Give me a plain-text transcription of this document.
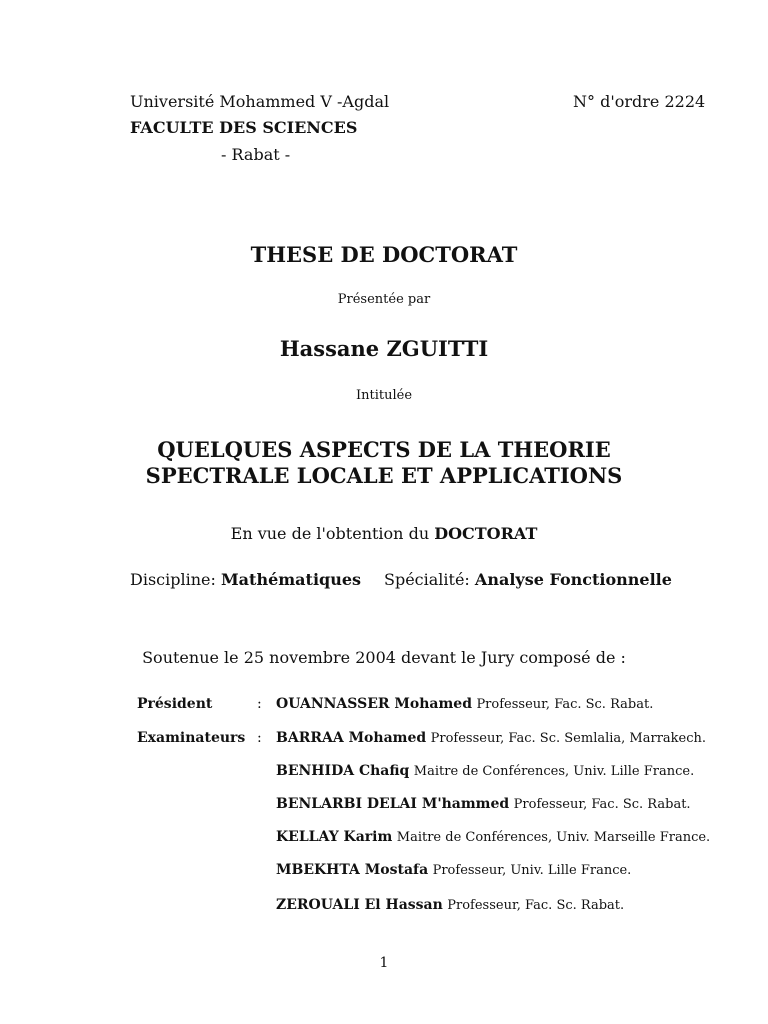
Université Mohammed V -Agdal
FACULTE DES SCIENCES
- Rabat -
N° d'ordre 2224
THESE DE DOCTORAT
Présentée par
Hassane ZGUITTI
Intitulée
QUELQUES ASPECTS DE LA THEORIE
SPECTRALE LOCALE ET APPLICATIONS
En vue de l'obtention du DOCTORAT
Discipline: Mathématiques Spécialité: Analyse Fonctionnelle
Soutenue le 25 novembre 2004 devant le Jury composé de :
Président	:
Examinateurs :
OUANNASSER Mohamed Professeur, Fac. Sc. Rabat.
BARRAA Mohamed Professeur, Fac. Sc. Semlalia, Marrakech.
BENHIDA Chafiq Maitre de Conférences, Univ. Lille France.
BENLARBI DELAI M'hammed Professeur, Fac. Sc. Rabat.
KELLAY Karim Maitre de Conférences, Univ. Marseille France.
MBEKHTA Mostafa Professeur, Univ. Lille France.
ZEROUALI El Hassan Professeur, Fac. Sc. Rabat.
1
